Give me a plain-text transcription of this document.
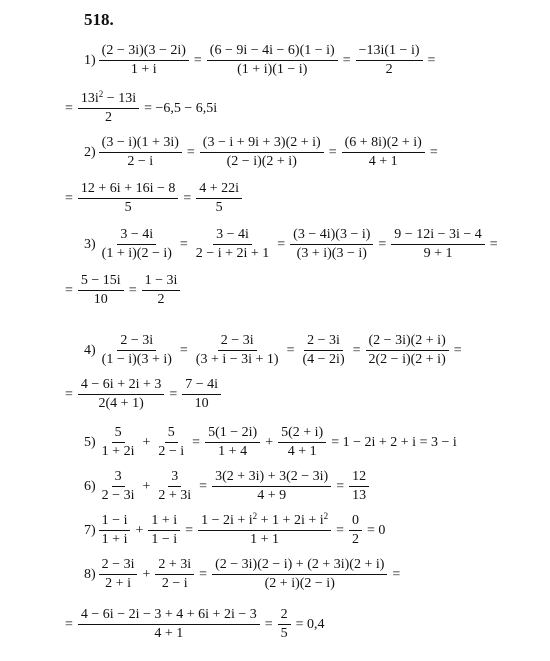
518.
$1) \frac{(2 - 3i)(3 - 2i)}{1 + i} = \frac{(6 - 9i - 4i - 6)(1 - i)}{(1 + i)(1 - i)} = \frac{-13i(1 - i)}{2}$ =
= $\frac{13i^2 - 13i}{2} = -6,5 - 6,5i$
$2) \frac{(3 - i)(1 + 3i)}{2 - i} = \frac{(3 - i + 9i + 3)(2 + i)}{(2 - i)(2 + i)} = \frac{(6 + 8i)(2 + i)}{4 + 1}$ =
= $\frac{12 + 6i + 16i - 8}{5} = \frac{4 + 22i}{5}$
$3) \frac{3 - 4i}{(1 + i)(2 - i)} = \frac{3 - 4i}{2 - i + 2i + 1} = \frac{(3 - 4i)(3 - i)}{(3 + i)(3 - i)} = \frac{9 - 12i - 3i - 4}{9 + 1}$ =
= $\frac{5 - 15i}{10} = \frac{1 - 3i}{2}$
$4) \frac{2 - 3i}{(1 - i)(3 + i)} = \frac{2 - 3i}{(3 + i - 3i + 1)} = \frac{2 - 3i}{(4 - 2i)} = \frac{(2 - 3i)(2 + i)}{2(2 - i)(2 + i)}$ =
= $\frac{4 - 6i + 2i + 3}{2(4 + 1)} = \frac{7 - 4i}{10}$
$5) \frac{5}{1 + 2i} + \frac{5}{2 - i} = \frac{5(1 - 2i)}{1 + 4} + \frac{5(2 + i)}{4 + 1} = 1 - 2i + 2 + i = 3 - i$
$6) \frac{3}{2 - 3i} + \frac{3}{2 + 3i} = \frac{3(2 + 3i) + 3(2 - 3i)}{4 + 9} = \frac{12}{13}$
$7) \frac{1 - i}{1 + i} + \frac{1 + i}{1 - i} = \frac{1 - 2i + i^2 + 1 + 2i + i^2}{1 + 1} = \frac{0}{2} = 0$
$8) \frac{2 - 3i}{2 + i} + \frac{2 + 3i}{2 - i} = \frac{(2 - 3i)(2 - i) + (2 + 3i)(2 + i)}{(2 + i)(2 - i)}$ =
= $\frac{4 - 6i - 2i - 3 + 4 + 6i + 2i - 3}{4 + 1} = \frac{2}{5} = 0,4$
